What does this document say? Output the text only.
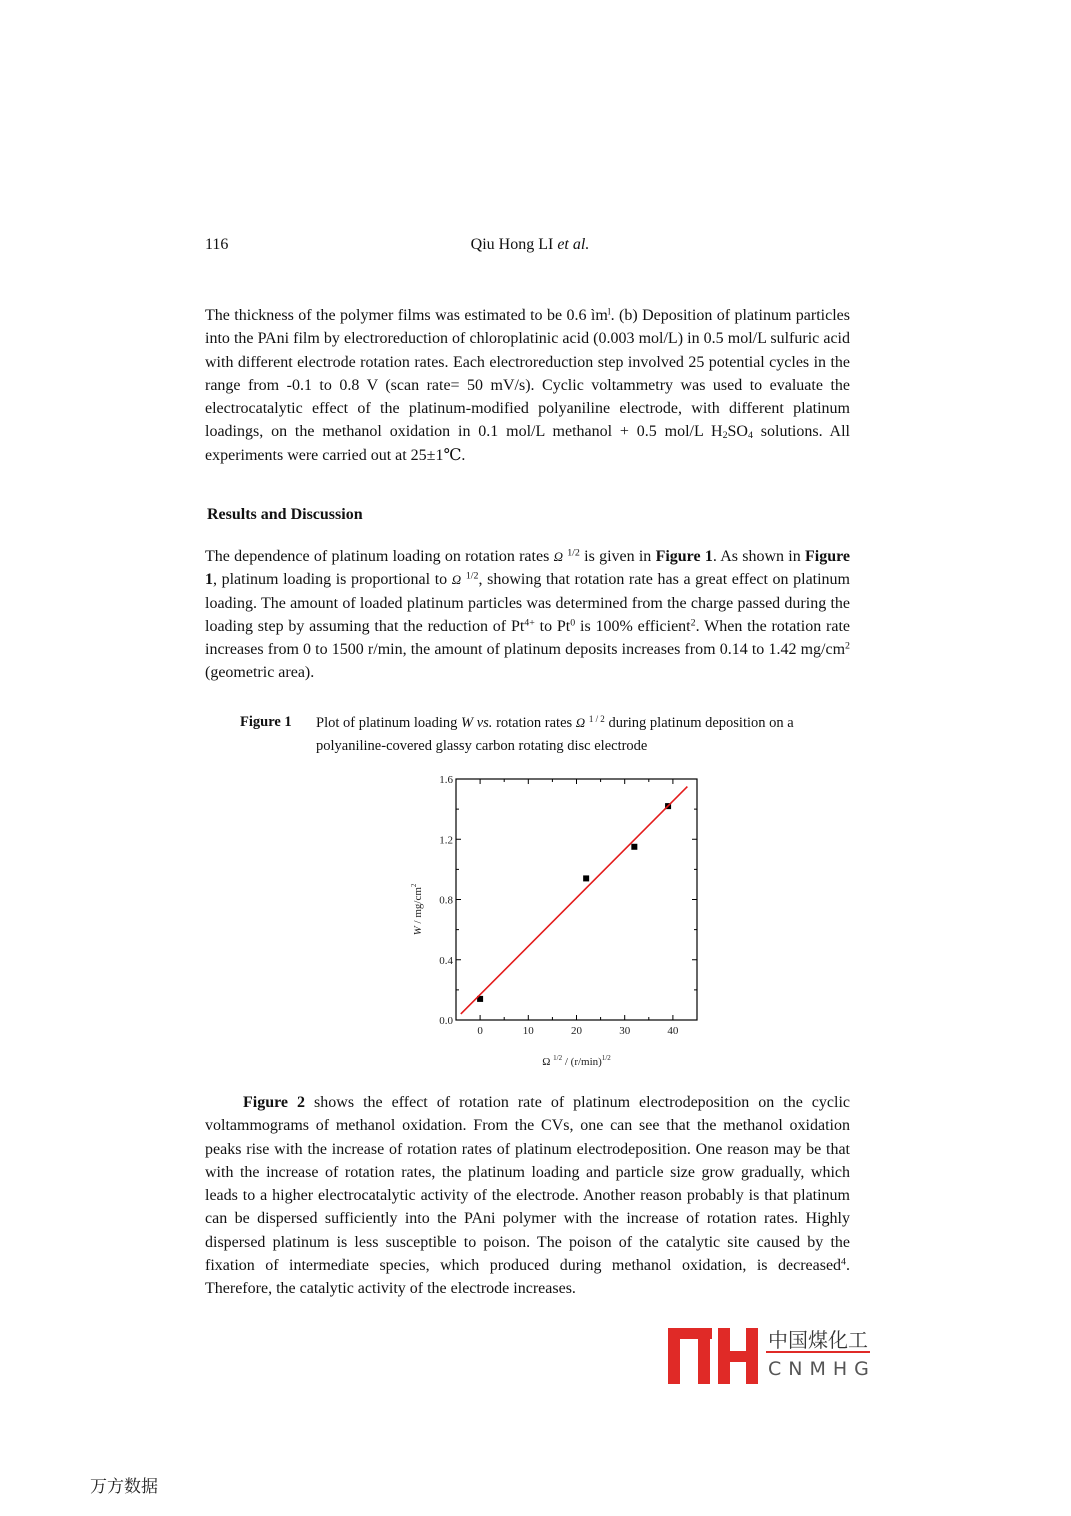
116	Qiu Hong LI et al.

The thickness of the polymer films was estimated to be 0.6 $ìm^l$. (b) Deposition of platinum particles into the PAni film by electroreduction of chloroplatinic acid (0.003 mol/L) in 0.5 mol/L sulfuric acid with different electrode rotation rates. Each electroreduction step involved 25 potential cycles in the range from -0.1 to 0.8 V (scan rate= 50 mV/s). Cyclic voltammetry was used to evaluate the electrocatalytic effect of the platinum-modified polyaniline electrode, with different platinum loadings, on the methanol oxidation in 0.1 mol/L methanol + 0.5 mol/L $H_2SO_4$ solutions. All experiments were carried out at 25±1℃.

Results and Discussion

The dependence of platinum loading on rotation rates Ω $^{1/2}$ is given in Figure 1. As shown in Figure 1, platinum loading is proportional to Ω $^{1/2}$, showing that rotation rate has a great effect on platinum loading. The amount of loaded platinum particles was determined from the charge passed during the loading step by assuming that the reduction of $Pt^{4+}$ to Pt$^0$ is 100% efficient$^2$. When the rotation rate increases from 0 to 1500 r/min, the amount of platinum deposits increases from 0.14 to 1.42 $mg/cm^2$ (geometric area).

Figure 1 Plot of platinum loading W vs. rotation rates Ω $^{1 / 2}$ during platinum deposition on a polyaniline-covered glassy carbon rotating disc electrode
0	10	20	30	40
0.0
0.4
0.8
1.2
1.6
Ω $^{1/2} / (r/\min)^{1/2}$
W / $mg/cm^2$

Figure 2 shows the effect of rotation rate of platinum electrodeposition on the cyclic voltammograms of methanol oxidation. From the CVs, one can see that the methanol oxidation peaks rise with the increase of rotation rates of platinum electrodeposition. One reason may be that with the increase of rotation rates, the platinum loading and particle size grow gradually, which leads to a higher electrocatalytic activity of the electrode. Another reason probably is that platinum can be dispersed sufficiently into the PAni polymer with the increase of rotation rates. Highly dispersed platinum is less susceptible to poison. The poison of the catalytic site caused by the fixation of intermediate species, which produced during methanol oxidation, is decreased$^4$. Therefore, the catalytic activity of the electrode increases.

中国煤化工
CNMHG
万方数据
